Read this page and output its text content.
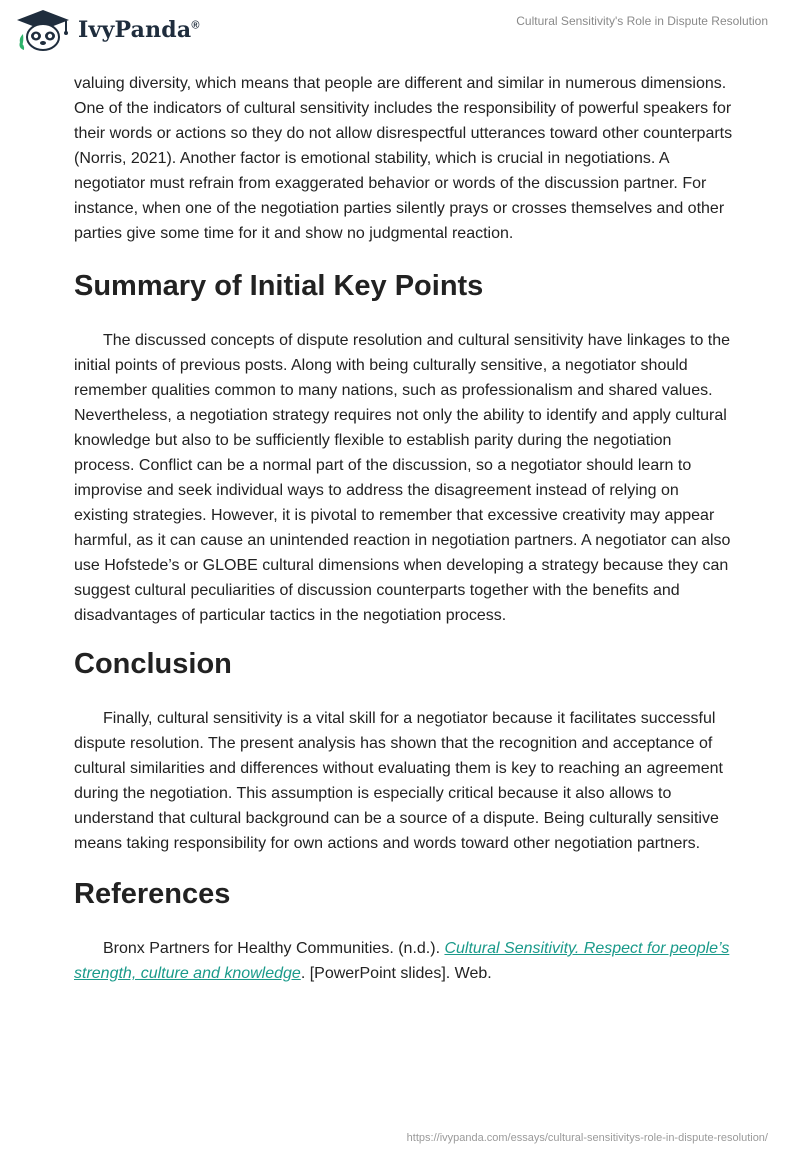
IvyPanda®	Cultural Sensitivity's Role in Dispute Resolution

valuing diversity, which means that people are different and similar in numerous dimensions. One of the indicators of cultural sensitivity includes the responsibility of powerful speakers for their words or actions so they do not allow disrespectful utterances toward other counterparts (Norris, 2021). Another factor is emotional stability, which is crucial in negotiations. A negotiator must refrain from exaggerated behavior or words of the discussion partner. For instance, when one of the negotiation parties silently prays or crosses themselves and other parties give some time for it and show no judgmental reaction.

Summary of Initial Key Points

The discussed concepts of dispute resolution and cultural sensitivity have linkages to the initial points of previous posts. Along with being culturally sensitive, a negotiator should remember qualities common to many nations, such as professionalism and shared values. Nevertheless, a negotiation strategy requires not only the ability to identify and apply cultural knowledge but also to be sufficiently flexible to establish parity during the negotiation process. Conflict can be a normal part of the discussion, so a negotiator should learn to improvise and seek individual ways to address the disagreement instead of relying on existing strategies. However, it is pivotal to remember that excessive creativity may appear harmful, as it can cause an unintended reaction in negotiation partners. A negotiator can also use Hofstede’s or GLOBE cultural dimensions when developing a strategy because they can suggest cultural peculiarities of discussion counterparts together with the benefits and disadvantages of particular tactics in the negotiation process.

Conclusion

Finally, cultural sensitivity is a vital skill for a negotiator because it facilitates successful dispute resolution. The present analysis has shown that the recognition and acceptance of cultural similarities and differences without evaluating them is key to reaching an agreement during the negotiation. This assumption is especially critical because it also allows to understand that cultural background can be a source of a dispute. Being culturally sensitive means taking responsibility for own actions and words toward other negotiation partners.

References

Bronx Partners for Healthy Communities. (n.d.). Cultural Sensitivity. Respect for people’s strength, culture and knowledge. [PowerPoint slides]. Web.

https://ivypanda.com/essays/cultural-sensitivitys-role-in-dispute-resolution/
